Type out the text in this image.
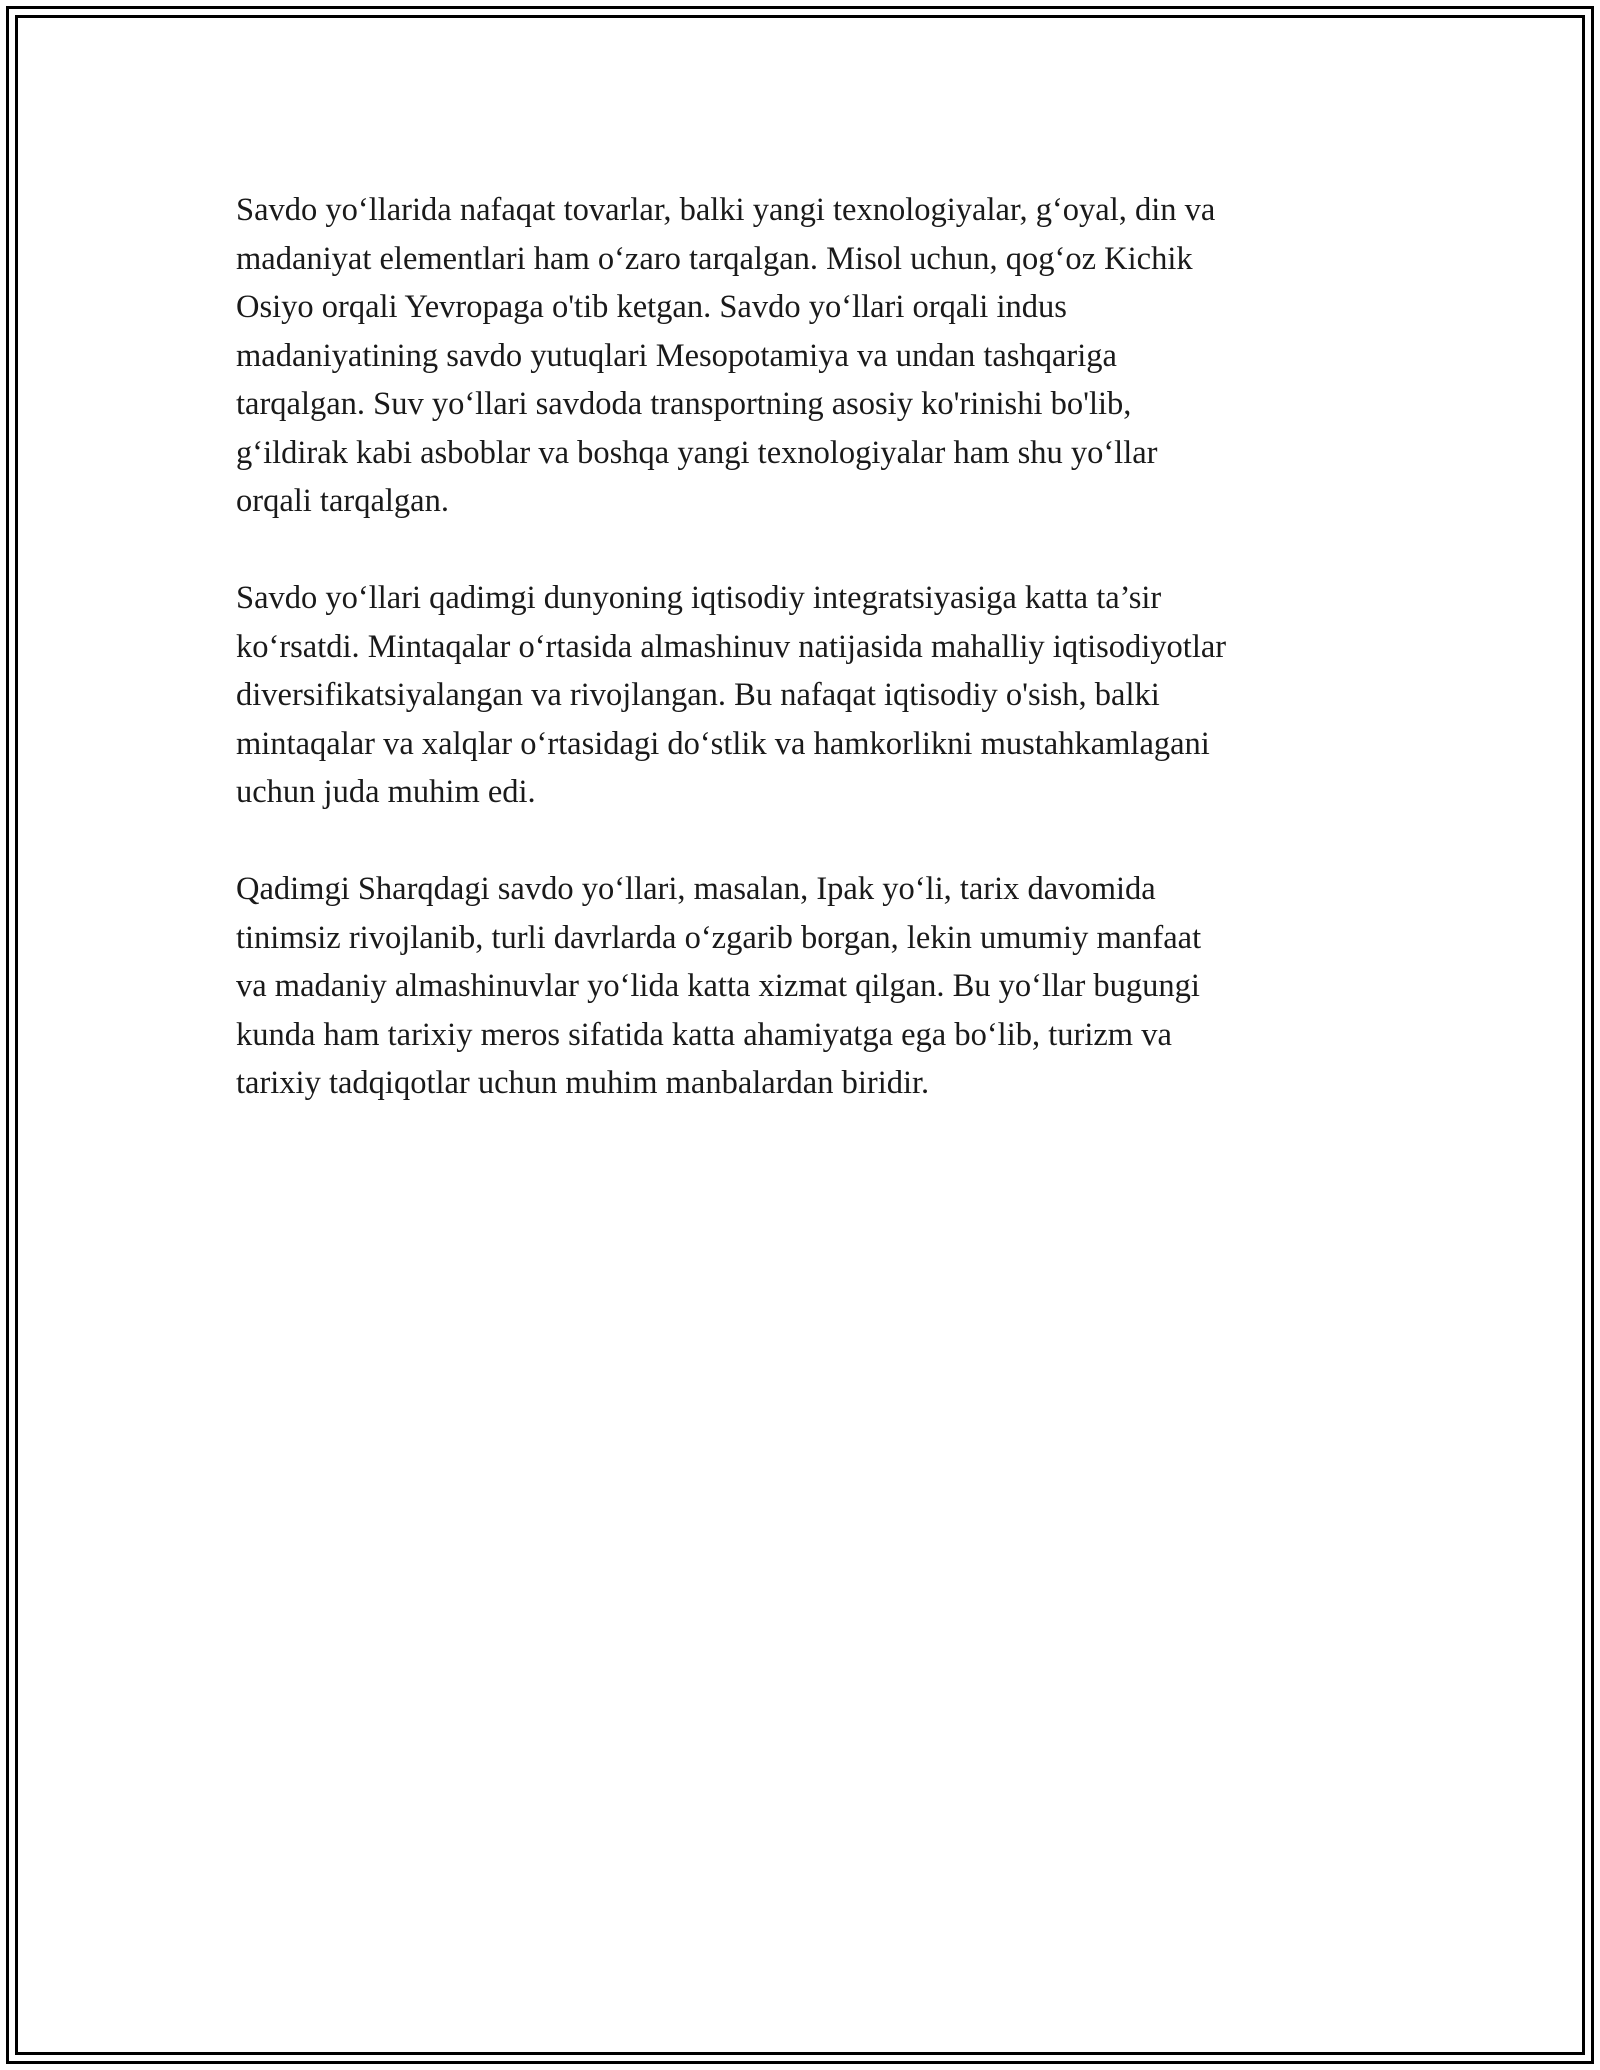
Savdo yo‘llarida nafaqat tovarlar, balki yangi texnologiyalar, g‘oyal, din va
madaniyat elementlari ham o‘zaro tarqalgan. Misol uchun, qog‘oz Kichik
Osiyo orqali Yevropaga o'tib ketgan. Savdo yo‘llari orqali indus
madaniyatining savdo yutuqlari Mesopotamiya va undan tashqariga
tarqalgan. Suv yo‘llari savdoda transportning asosiy ko'rinishi bo'lib,
g‘ildirak kabi asboblar va boshqa yangi texnologiyalar ham shu yo‘llar
orqali tarqalgan.

Savdo yo‘llari qadimgi dunyoning iqtisodiy integratsiyasiga katta ta’sir
ko‘rsatdi. Mintaqalar o‘rtasida almashinuv natijasida mahalliy iqtisodiyotlar
diversifikatsiyalangan va rivojlangan. Bu nafaqat iqtisodiy o'sish, balki
mintaqalar va xalqlar o‘rtasidagi do‘stlik va hamkorlikni mustahkamlagani
uchun juda muhim edi.

Qadimgi Sharqdagi savdo yo‘llari, masalan, Ipak yo‘li, tarix davomida
tinimsiz rivojlanib, turli davrlarda o‘zgarib borgan, lekin umumiy manfaat
va madaniy almashinuvlar yo‘lida katta xizmat qilgan. Bu yo‘llar bugungi
kunda ham tarixiy meros sifatida katta ahamiyatga ega bo‘lib, turizm va
tarixiy tadqiqotlar uchun muhim manbalardan biridir.
